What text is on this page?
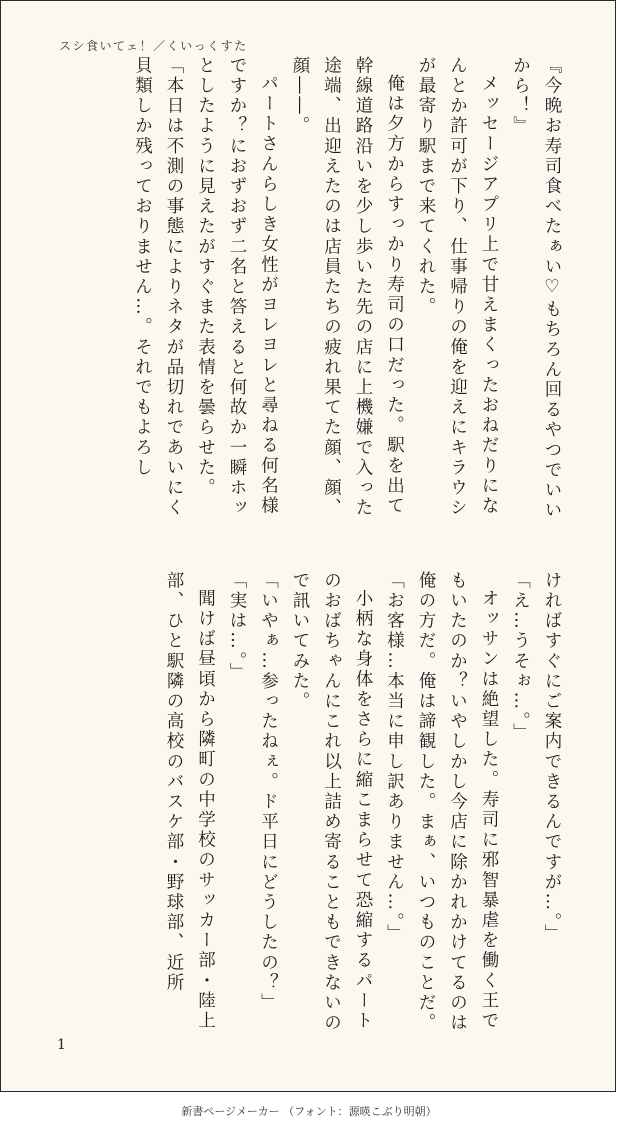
スシ食いてェ！／くいっくすた

『今晩お寿司食べたぁい♡もちろん回るやつでいいから！』

メッセージアプリ上で甘えまくったおねだりになんとか許可が下り、仕事帰りの俺を迎えにキラウシが最寄り駅まで来てくれた。

俺は夕方からすっかり寿司の口だった。駅を出て幹線道路沿いを少し歩いた先の店に上機嫌で入った途端、出迎えたのは店員たちの疲れ果てた顔、顔、顔――。

パートさんらしき女性がヨレヨレと尋ねる何名様ですか？におずおず二名と答えると何故か一瞬ホッとしたように見えたがすぐまた表情を曇らせた。

「本日は不測の事態によりネタが品切れであいにく貝類しか残っておりません…。それでもよろし

ければすぐにご案内できるんですが…。」

「え…うそぉ…。」

オッサンは絶望した。寿司に邪智暴虐を働く王でもいたのか？いやしかし今店に除かれかけてるのは俺の方だ。俺は諦観した。まぁ、いつものことだ。

「お客様…本当に申し訳ありません…。」

小柄な身体をさらに縮こまらせて恐縮するパートのおばちゃんにこれ以上詰め寄ることもできないので訊いてみた。

「いやぁ…参ったねぇ。ド平日にどうしたの？」

「実は…。」

聞けば昼頃から隣町の中学校のサッカー部・陸上部、ひと駅隣の高校のバスケ部・野球部、近所

1
新書ページメーカー （フォント：源暎こぶり明朝）
